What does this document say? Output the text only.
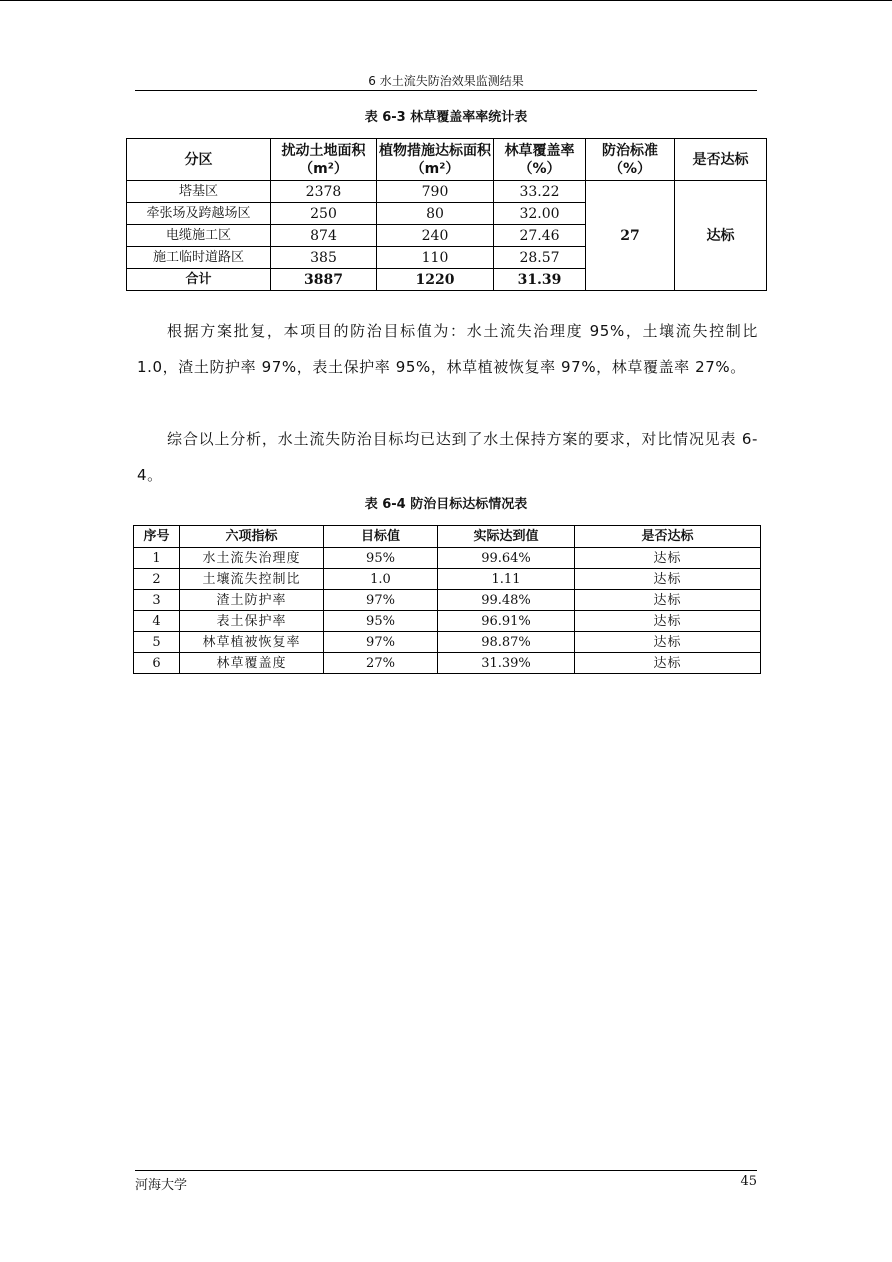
6 水土流失防治效果监测结果
表 6-3 林草覆盖率率统计表
分区	扰动土地面积（m²）	植物措施达标面积（m²）	林草覆盖率（%）	防治标准（%）	是否达标
塔基区	2378	790	33.22	27	达标
牵张场及跨越场区	250	80	32.00		
电缆施工区	874	240	27.46		
施工临时道路区	385	110	28.57		
合计	3887	1220	31.39		

根据方案批复，本项目的防治目标值为：水土流失治理度 95%，土壤流失控制比 1.0，渣土防护率 97%，表土保护率 95%，林草植被恢复率 97%，林草覆盖率 27%。

综合以上分析，水土流失防治目标均已达到了水土保持方案的要求，对比情况见表 6-4。

表 6-4 防治目标达标情况表
序号	六项指标	目标值	实际达到值	是否达标
1	水土流失治理度	95%	99.64%	达标
2	土壤流失控制比	1.0	1.11	达标
3	渣土防护率	97%	99.48%	达标
4	表土保护率	95%	96.91%	达标
5	林草植被恢复率	97%	98.87%	达标
6	林草覆盖度	27%	31.39%	达标
河海大学	45
